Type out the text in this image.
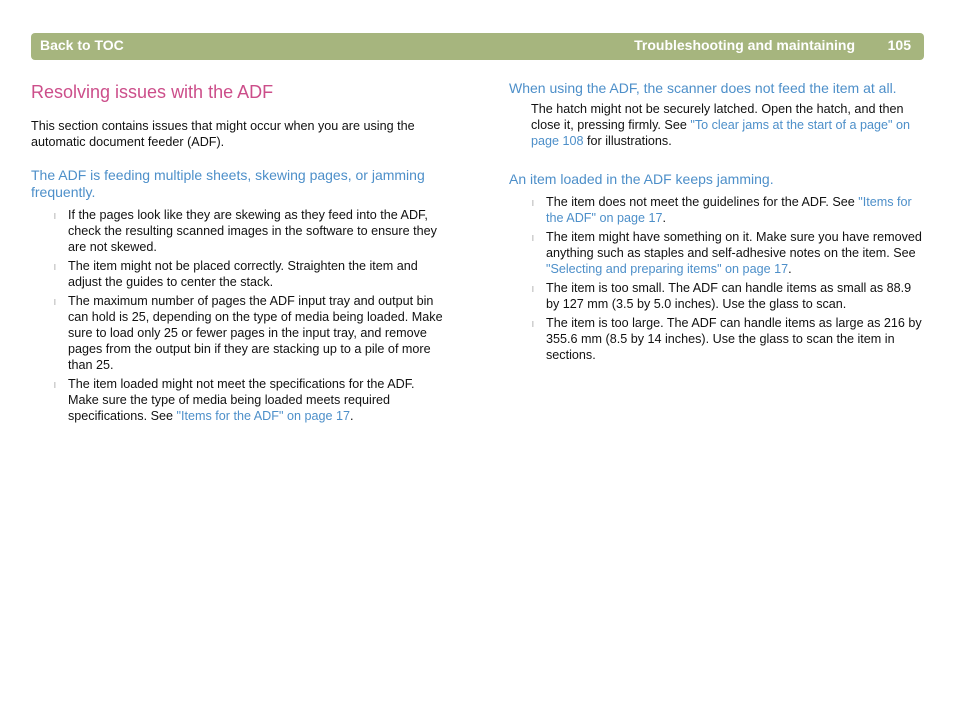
Back to TOC	Troubleshooting and maintaining 105
Resolving issues with the ADF

This section contains issues that might occur when you are using the automatic document feeder (ADF).

The ADF is feeding multiple sheets, skewing pages, or jamming frequently.
l If the pages look like they are skewing as they feed into the ADF, check the resulting scanned images in the software to ensure they are not skewed.
l The item might not be placed correctly. Straighten the item and adjust the guides to center the stack.
l The maximum number of pages the ADF input tray and output bin can hold is 25, depending on the type of media being loaded. Make sure to load only 25 or fewer pages in the input tray, and remove pages from the output bin if they are stacking up to a pile of more than 25.
l The item loaded might not meet the specifications for the ADF. Make sure the type of media being loaded meets required specifications. See "Items for the ADF" on page 17.
When using the ADF, the scanner does not feed the item at all.

The hatch might not be securely latched. Open the hatch, and then close it, pressing firmly. See "To clear jams at the start of a page" on page 108 for illustrations.

An item loaded in the ADF keeps jamming.
l The item does not meet the guidelines for the ADF. See "Items for the ADF" on page 17.
l The item might have something on it. Make sure you have removed anything such as staples and self-adhesive notes on the item. See "Selecting and preparing items" on page 17.
l The item is too small. The ADF can handle items as small as 88.9 by 127 mm (3.5 by 5.0 inches). Use the glass to scan.
l The item is too large. The ADF can handle items as large as 216 by 355.6 mm (8.5 by 14 inches). Use the glass to scan the item in sections.
